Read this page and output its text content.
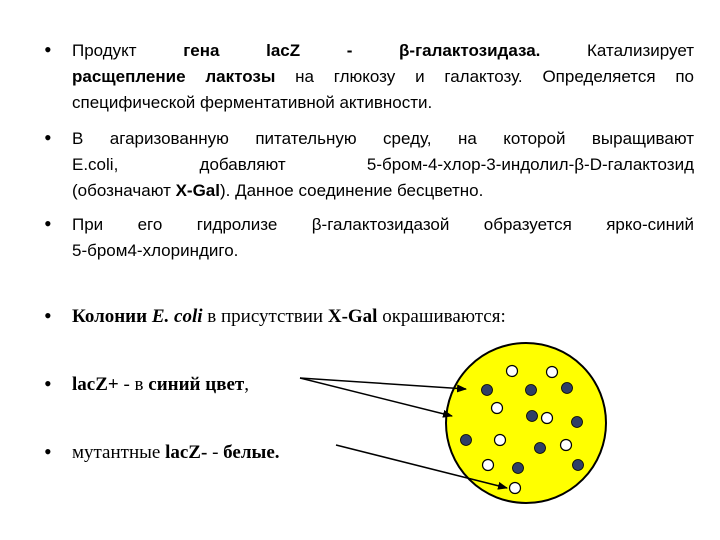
• Продукт гена lacZ - β-галактозидаза. Катализирует
расщепление лактозы на глюкозу и галактозу. Определяется по
специфической ферментативной активности.
• В агаризованную питательную среду, на которой выращивают
E.coli, добавляют 5-бром-4-хлор-3-индолил-β-D-галактозид
(обозначают X-Gal). Данное соединение бесцветно.
• При его гидролизе β-галактозидазой образуется ярко-синий
5-бром4-хлориндиго.
• Колонии E. coli в присутствии X-Gal окрашиваются:
• lacZ+ - в синий цвет,
• мутантные lacZ- - белые.
